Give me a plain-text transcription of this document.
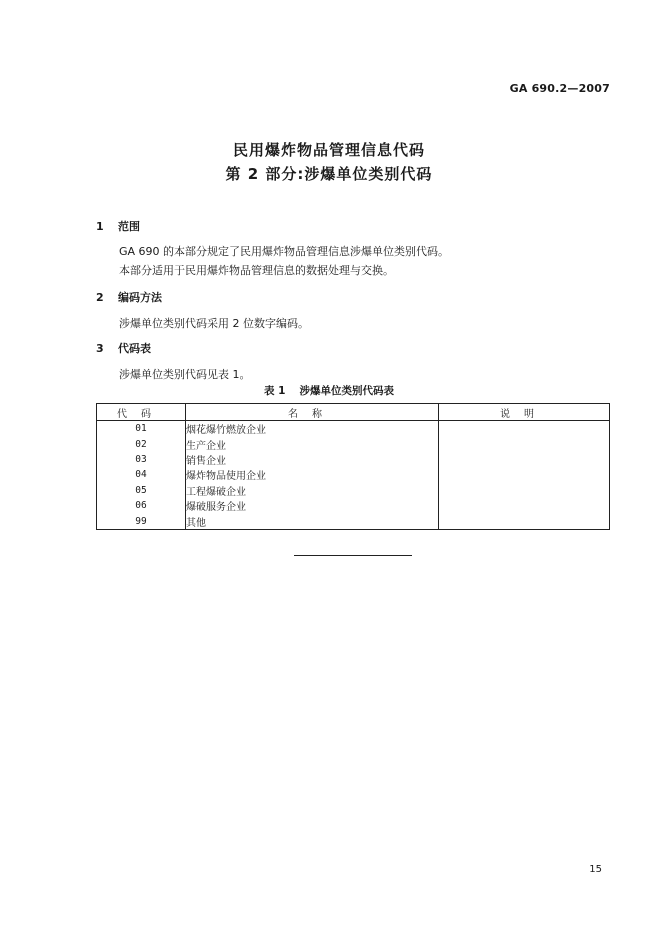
GA 690.2—2007
民用爆炸物品管理信息代码
第 2 部分:涉爆单位类别代码
1 范围
GA 690 的本部分规定了民用爆炸物品管理信息涉爆单位类别代码。
本部分适用于民用爆炸物品管理信息的数据处理与交换。
2 编码方法
涉爆单位类别代码采用 2 位数字编码。
3 代码表
涉爆单位类别代码见表 1。
表 1 涉爆单位类别代码表
代码	名称	说明
01	烟花爆竹燃放企业	
02	生产企业	
03	销售企业	
04	爆炸物品使用企业	
05	工程爆破企业	
06	爆破服务企业	
99	其他	
15
